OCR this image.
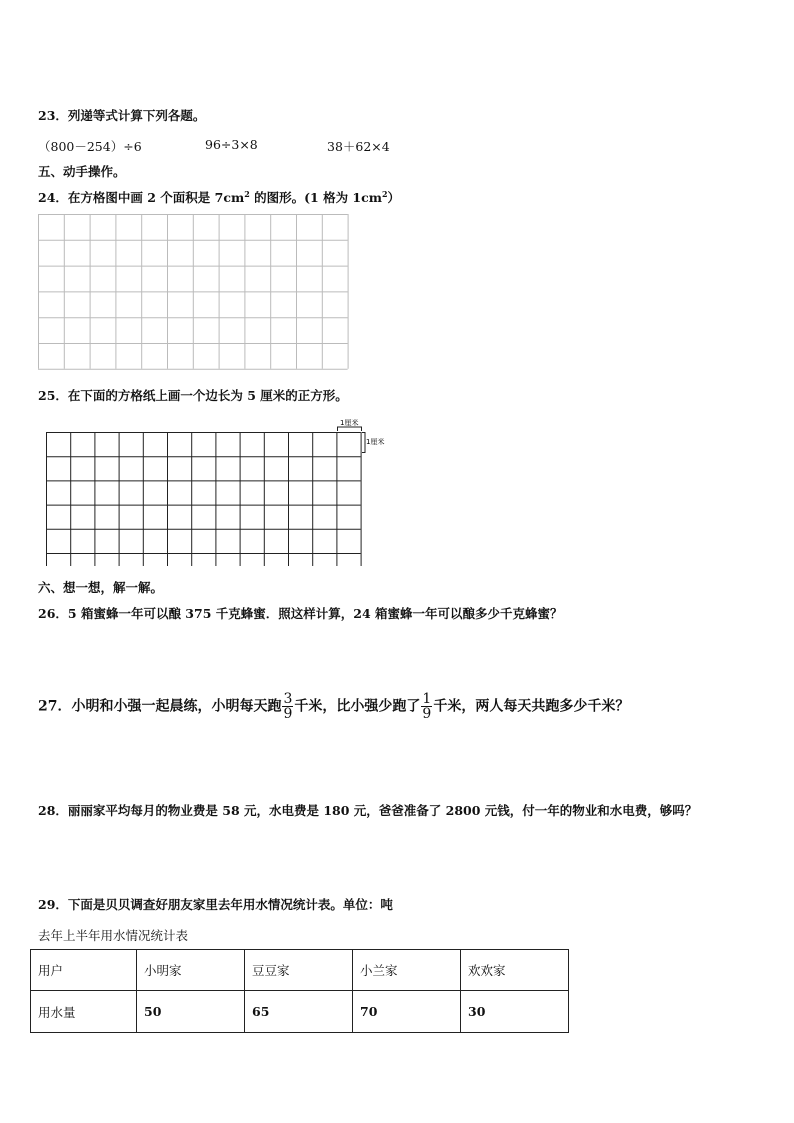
23．列递等式计算下列各题。
（800－254）÷6	96÷3×8	38＋62×4
五、动手操作。
24．在方格图中画 2 个面积是 $7cm^2$ 的图形。(1 格为 $1cm^2$）
25．在下面的方格纸上画一个边长为 5 厘米的正方形。
1厘米
1厘米
六、想一想，解一解。
26．5 箱蜜蜂一年可以酿 375 千克蜂蜜．照这样计算，24 箱蜜蜂一年可以酿多少千克蜂蜜？
27．小明和小强一起晨练，小明每天跑 $\frac{3}{9}$ 千米，比小强少跑了 $\frac{1}{9}$ 千米，两人每天共跑多少千米？
28．丽丽家平均每月的物业费是 58 元，水电费是 180 元，爸爸准备了 2800 元钱，付一年的物业和水电费，够吗？
29．下面是贝贝调查好朋友家里去年用水情况统计表。单位：吨
去年上半年用水情况统计表
用户	小明家	豆豆家	小兰家	欢欢家
用水量	50	65	70	30
